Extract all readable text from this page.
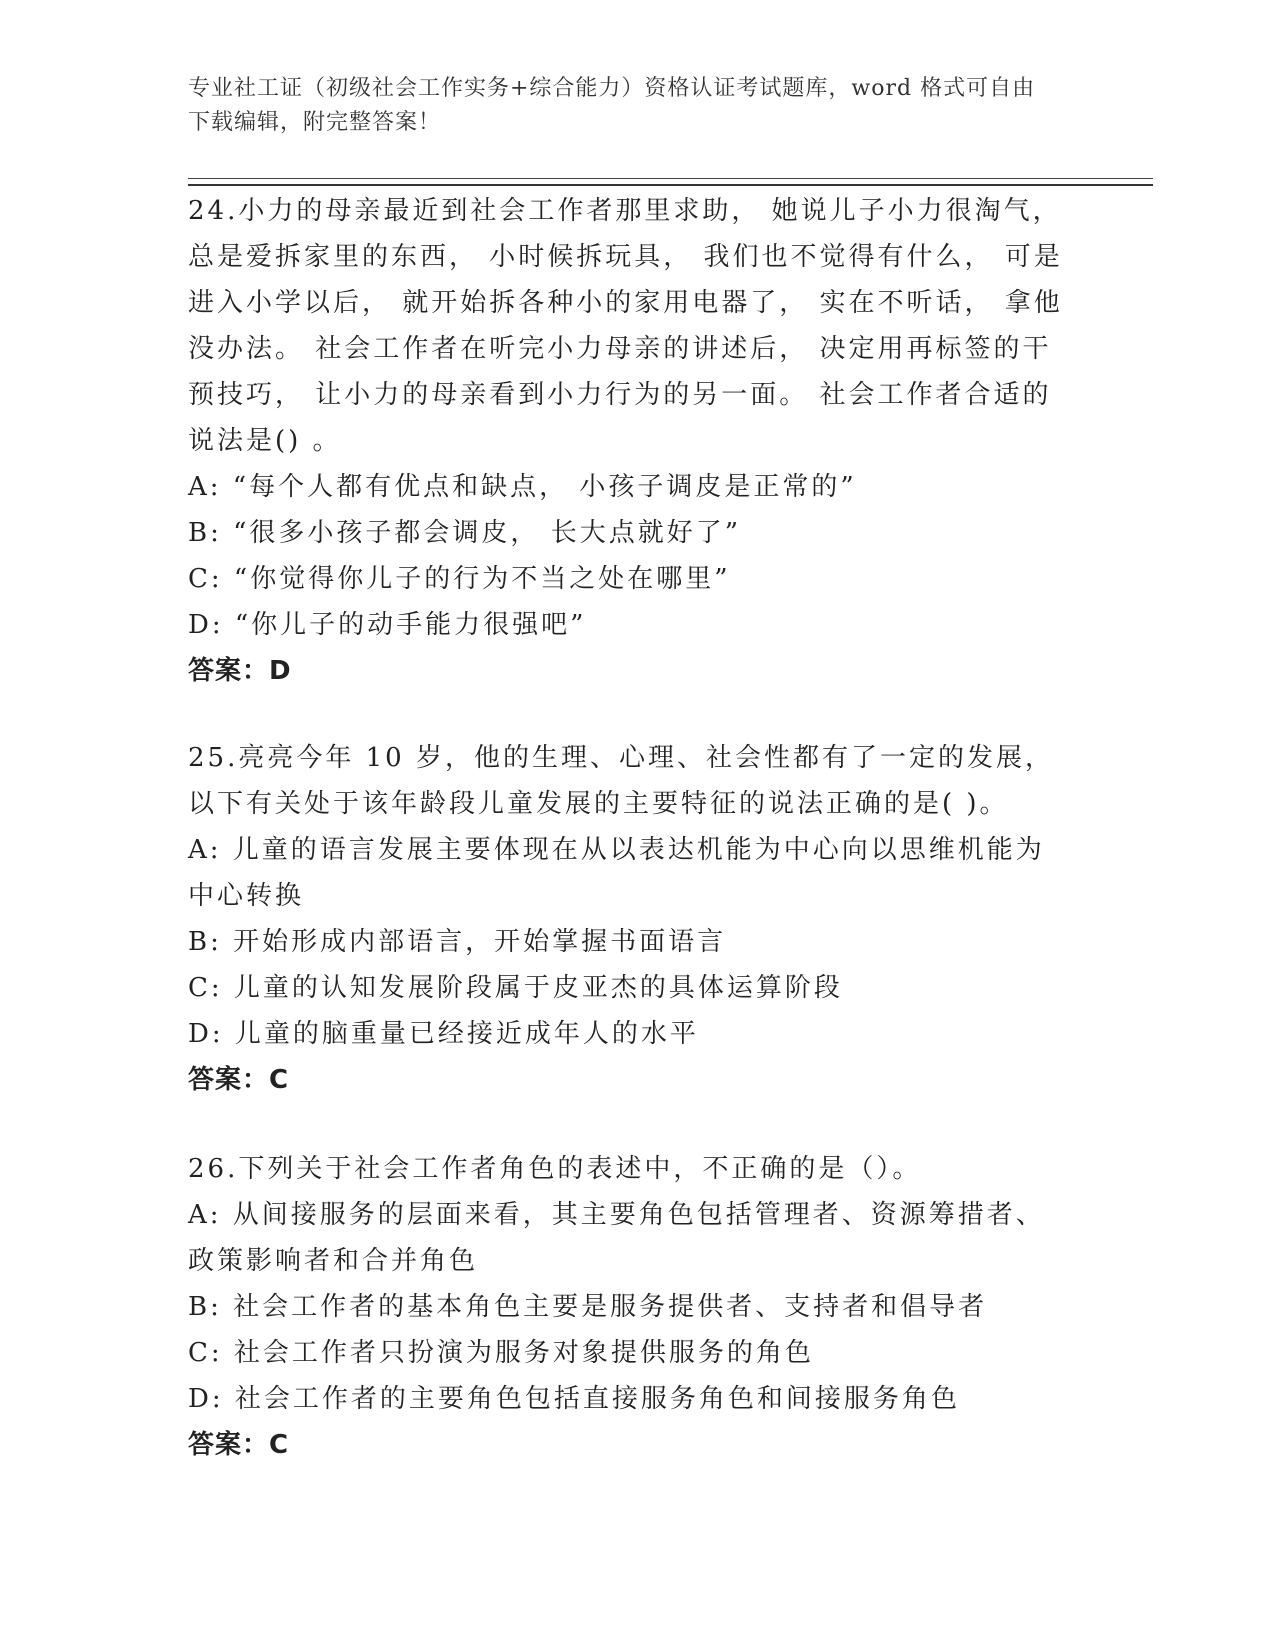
专业社工证（初级社会工作实务+综合能力）资格认证考试题库，word 格式可自由

下载编辑，附完整答案！

24.小力的母亲最近到社会工作者那里求助， 她说儿子小力很淘气， 总是爱拆家里的东西， 小时候拆玩具， 我们也不觉得有什么， 可是进入小学以后， 就开始拆各种小的家用电器了， 实在不听话， 拿他没办法。 社会工作者在听完小力母亲的讲述后， 决定用再标签的干预技巧， 让小力的母亲看到小力行为的另一面。 社会工作者合适的说法是() 。

A: “每个人都有优点和缺点， 小孩子调皮是正常的”

B: “很多小孩子都会调皮， 长大点就好了”

C: “你觉得你儿子的行为不当之处在哪里”

D: “你儿子的动手能力很强吧”

答案：D

25.亮亮今年 10 岁，他的生理、心理、社会性都有了一定的发展，以下有关处于该年龄段儿童发展的主要特征的说法正确的是( )。

A: 儿童的语言发展主要体现在从以表达机能为中心向以思维机能为中心转换

B: 开始形成内部语言，开始掌握书面语言

C: 儿童的认知发展阶段属于皮亚杰的具体运算阶段

D: 儿童的脑重量已经接近成年人的水平

答案：C

26.下列关于社会工作者角色的表述中，不正确的是（）。

A: 从间接服务的层面来看，其主要角色包括管理者、资源筹措者、政策影响者和合并角色

B: 社会工作者的基本角色主要是服务提供者、支持者和倡导者

C: 社会工作者只扮演为服务对象提供服务的角色

D: 社会工作者的主要角色包括直接服务角色和间接服务角色

答案：C
